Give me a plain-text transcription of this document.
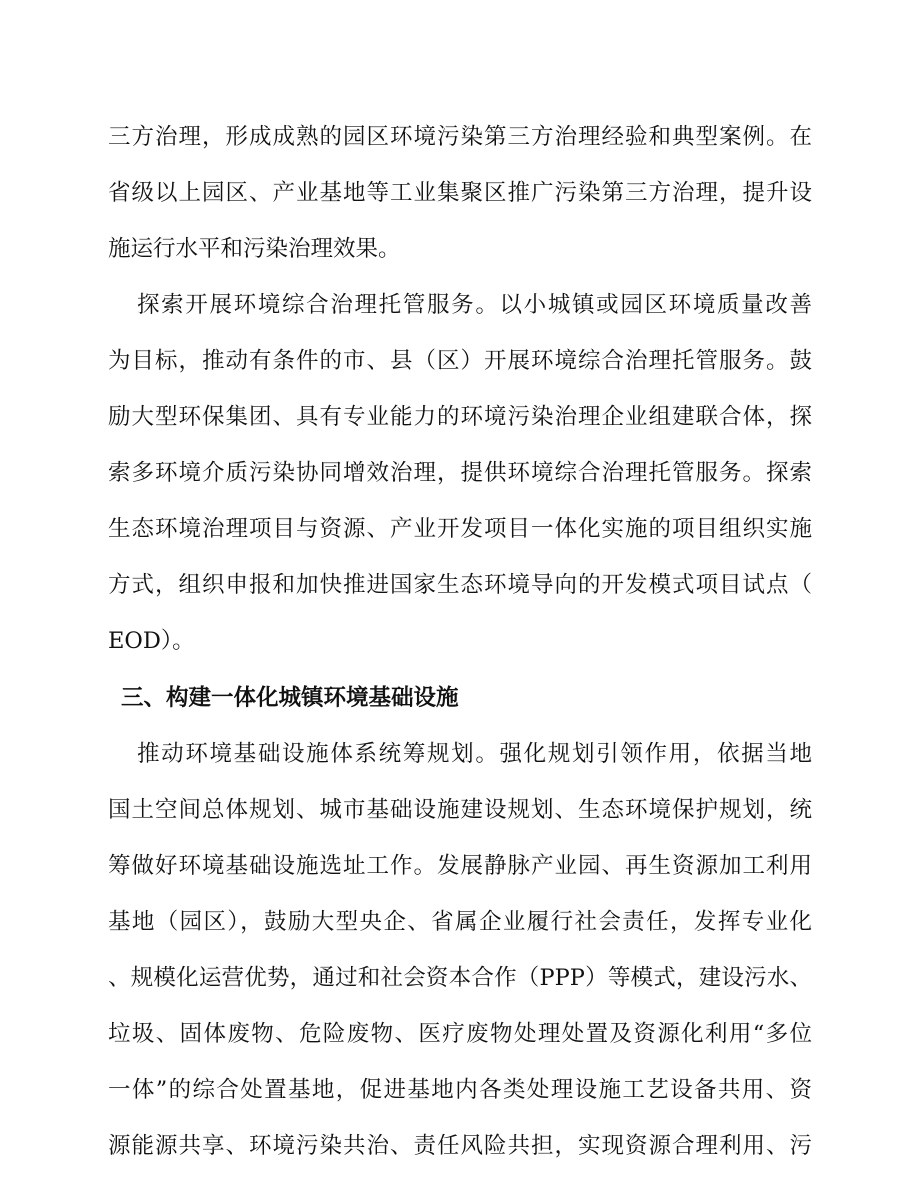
三方治理，形成成熟的园区环境污染第三方治理经验和典型案例。在
省级以上园区、产业基地等工业集聚区推广污染第三方治理，提升设
施运行水平和污染治理效果。
探索开展环境综合治理托管服务。以小城镇或园区环境质量改善
为目标，推动有条件的市、县（区）开展环境综合治理托管服务。鼓
励大型环保集团、具有专业能力的环境污染治理企业组建联合体，探
索多环境介质污染协同增效治理，提供环境综合治理托管服务。探索
生态环境治理项目与资源、产业开发项目一体化实施的项目组织实施
方式，组织申报和加快推进国家生态环境导向的开发模式项目试点（
EOD）。
三、构建一体化城镇环境基础设施
推动环境基础设施体系统筹规划。强化规划引领作用，依据当地
国土空间总体规划、城市基础设施建设规划、生态环境保护规划，统
筹做好环境基础设施选址工作。发展静脉产业园、再生资源加工利用
基地（园区），鼓励大型央企、省属企业履行社会责任，发挥专业化
、规模化运营优势，通过和社会资本合作（PPP）等模式，建设污水、
垃圾、固体废物、危险废物、医疗废物处理处置及资源化利用“多位
一体”的综合处置基地，促进基地内各类处理设施工艺设备共用、资
源能源共享、环境污染共治、责任风险共担，实现资源合理利用、污
